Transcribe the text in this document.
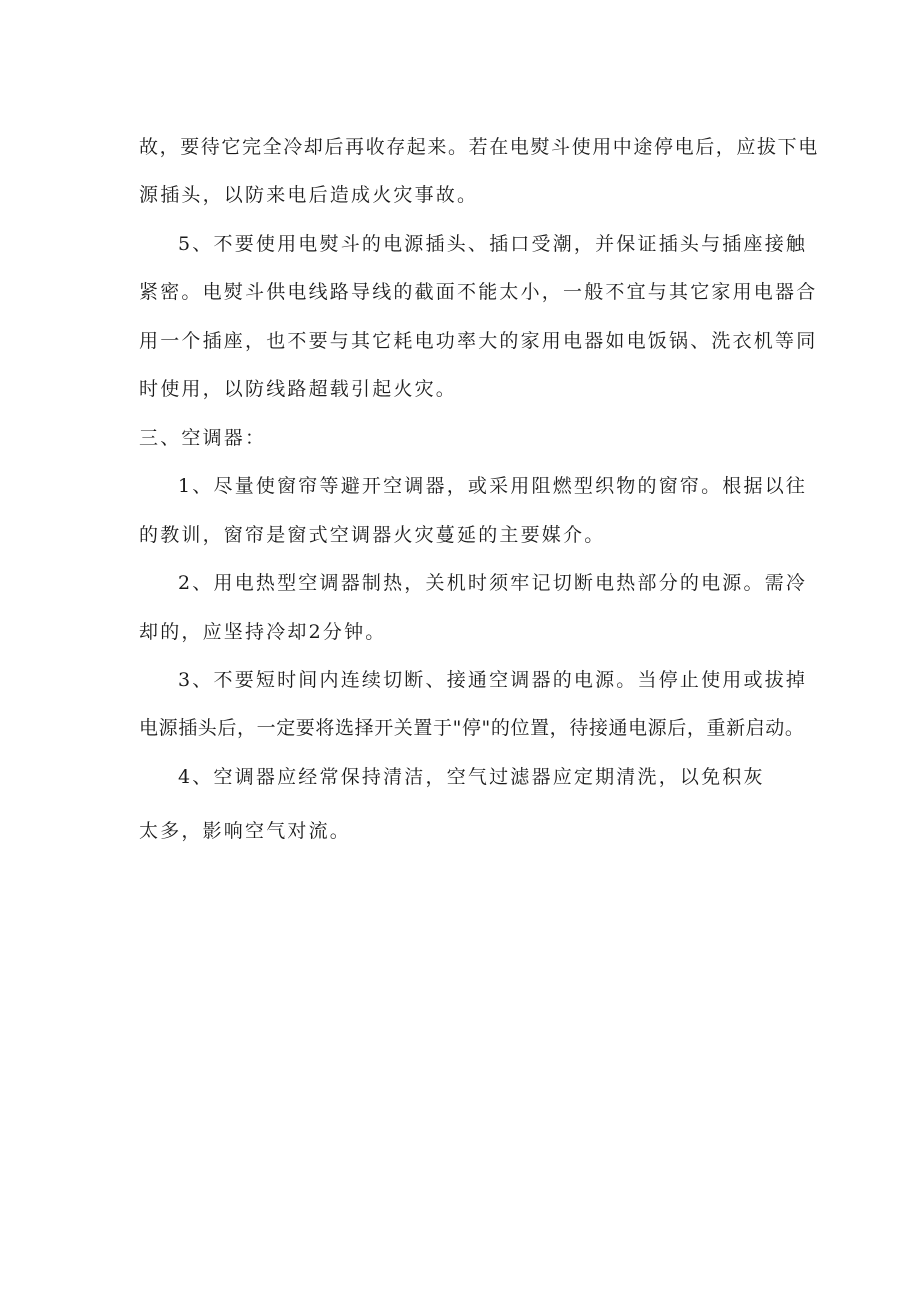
故，要待它完全冷却后再收存起来。若在电熨斗使用中途停电后，应拔下电
源插头，以防来电后造成火灾事故。
5、不要使用电熨斗的电源插头、插口受潮，并保证插头与插座接触
紧密。电熨斗供电线路导线的截面不能太小，一般不宜与其它家用电器合
用一个插座，也不要与其它耗电功率大的家用电器如电饭锅、洗衣机等同
时使用，以防线路超载引起火灾。
三、空调器：
1、尽量使窗帘等避开空调器，或采用阻燃型织物的窗帘。根据以往
的教训，窗帘是窗式空调器火灾蔓延的主要媒介。
2、用电热型空调器制热，关机时须牢记切断电热部分的电源。需冷
却的，应坚持冷却2分钟。
3、不要短时间内连续切断、接通空调器的电源。当停止使用或拔掉
电源插头后，一定要将选择开关置于"停"的位置，待接通电源后，重新启动。
4、空调器应经常保持清洁，空气过滤器应定期清洗，以免积灰
太多，影响空气对流。
